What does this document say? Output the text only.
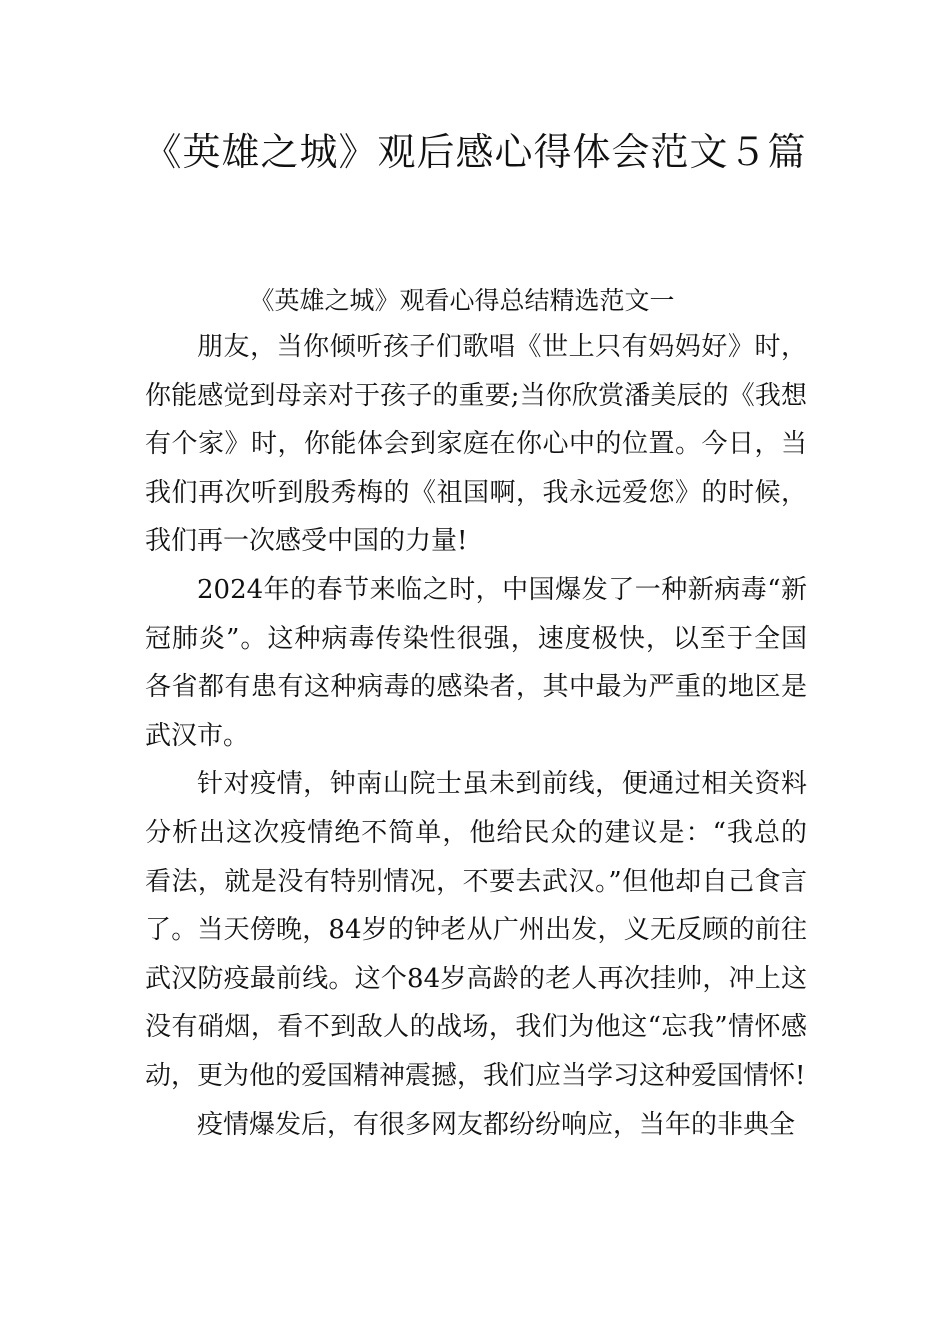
《英雄之城》观后感心得体会范文５篇

《英雄之城》观看心得总结精选范文一

朋友，当你倾听孩子们歌唱《世上只有妈妈好》时，你能感觉到母亲对于孩子的重要;当你欣赏潘美辰的《我想有个家》时，你能体会到家庭在你心中的位置。今日，当我们再次听到殷秀梅的《祖国啊，我永远爱您》的时候，我们再一次感受中国的力量!

2024年的春节来临之时，中国爆发了一种新病毒“新冠肺炎”。这种病毒传染性很强，速度极快，以至于全国各省都有患有这种病毒的感染者，其中最为严重的地区是武汉市。

针对疫情，钟南山院士虽未到前线，便通过相关资料分析出这次疫情绝不简单，他给民众的建议是：“我总的看法，就是没有特别情况，不要去武汉。”但他却自己食言了。当天傍晚，84岁的钟老从广州出发，义无反顾的前往武汉防疫最前线。这个84岁高龄的老人再次挂帅，冲上这没有硝烟，看不到敌人的战场，我们为他这“忘我”情怀感动，更为他的爱国精神震撼，我们应当学习这种爱国情怀!

疫情爆发后，有很多网友都纷纷响应，当年的非典全
